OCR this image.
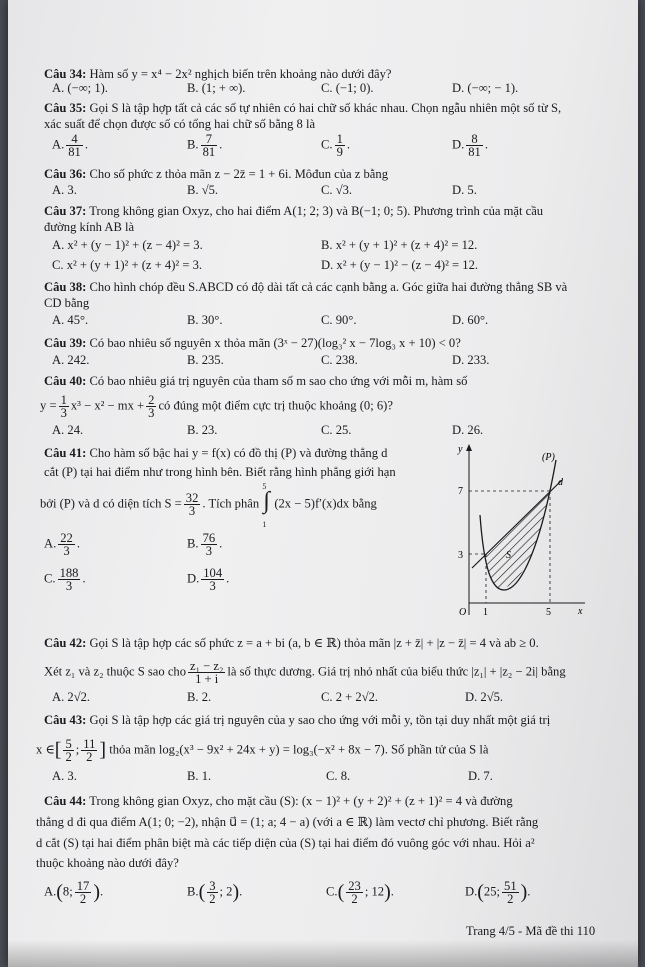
Câu 34: Hàm số y = x⁴ − 2x² nghịch biến trên khoảng nào dưới đây?
A. (−∞; 1).	B. (1; + ∞).	C. (−1; 0).	D. (−∞; − 1).
Câu 35: Gọi S là tập hợp tất cả các số tự nhiên có hai chữ số khác nhau. Chọn ngẫu nhiên một số từ S,
xác suất để chọn được số có tổng hai chữ số bằng 8 là
A. $\frac{4}{81}$ .	B. $\frac{7}{81}$ .	C. $\frac{1}{9}$ .	D. $\frac{8}{81}$ .
Câu 36: Cho số phức z thỏa mãn z − 2z̄ = 1 + 6i. Môđun của z bằng
A. 3.	B. √5.	C. √3.	D. 5.
Câu 37: Trong không gian Oxyz, cho hai điểm A(1; 2; 3) và B(−1; 0; 5). Phương trình của mặt cầu
đường kính AB là
A. x² + (y − 1)² + (z − 4)² = 3.	B. x² + (y + 1)² + (z + 4)² = 12.
C. x² + (y + 1)² + (z + 4)² = 3.	D. x² + (y − 1)² − (z − 4)² = 12.
Câu 38: Cho hình chóp đều S.ABCD có độ dài tất cả các cạnh bằng a. Góc giữa hai đường thẳng SB và
CD bằng
A. 45°.	B. 30°.	C. 90°.	D. 60°.
Câu 39: Có bao nhiêu số nguyên x thỏa mãn (3ˣ − 27)(log₃² x − 7log₃ x + 10) < 0?
A. 242.	B. 235.	C. 238.	D. 233.
Câu 40: Có bao nhiêu giá trị nguyên của tham số m sao cho ứng với mỗi m, hàm số
$y = \frac{1}{3} x^3 - x^2$ − mx + $\frac{2}{3}$ có đúng một điểm cực trị thuộc khoảng (0; 6)?
A. 24.	B. 23.	C. 25.	D. 26.
Câu 41: Cho hàm số bậc hai y = f(x) có đồ thị (P) và đường thẳng d
cắt (P) tại hai điểm như trong hình bên. Biết rằng hình phẳng giới hạn
bởi (P) và d có diện tích $S = \frac{32}{3}$ . Tích phân
5
∫
1
(2x − 5)f′(x)dx bằng
A. $\frac{22}{3}$ .	B. $\frac{76}{3}$ .
C. $\frac{188}{3}$ .	D. $\frac{104}{3}$ .
y
x
O 1	5
7
3
(P)
d
S
Câu 42: Gọi S là tập hợp các số phức z = a + bi (a, b ∈ ℝ) thỏa mãn |z + z̄| + |z − z̄| = 4 và ab ≥ 0.
Xét z₁ và z₂ thuộc S sao cho $\frac{\text{z₁ − z₂}}{1 + i}$ là số thực dương. Giá trị nhỏ nhất của biểu thức |z₁| + |z₂ − 2i| bằng
A. 2√2.	B. 2.	C. 2 + 2√2.	D. 2√5.
Câu 43: Gọi S là tập hợp các giá trị nguyên của y sao cho ứng với mỗi y, tồn tại duy nhất một giá trị
x ∈[ $\frac{5}{2}$ ; $\frac{11}{2}$ ] thỏa mãn log₂(x³ − 9x² + 24x + y) = log₃(−x² + 8x − 7). Số phần tử của S là
A. 3.	B. 1.	C. 8.	D. 7.
Câu 44: Trong không gian Oxyz, cho mặt cầu (S): (x − 1)² + (y + 2)² + (z + 1)² = 4 và đường
thẳng d đi qua điểm A(1; 0; −2), nhận u⃗ = (1; a; 4 − a) (với a ∈ ℝ) làm vectơ chỉ phương. Biết rằng
d cắt (S) tại hai điểm phân biệt mà các tiếp diện của (S) tại hai điểm đó vuông góc với nhau. Hỏi a²
thuộc khoảng nào dưới đây?
A.(8; $\frac{17}{2}$ ).	$B.( \frac{3}{2}$ ; 2).	$C.( \frac{23}{2}$ ; 12).	D.(25; $\frac{51}{2}$ ).
Trang 4/5 - Mã đề thi 110
